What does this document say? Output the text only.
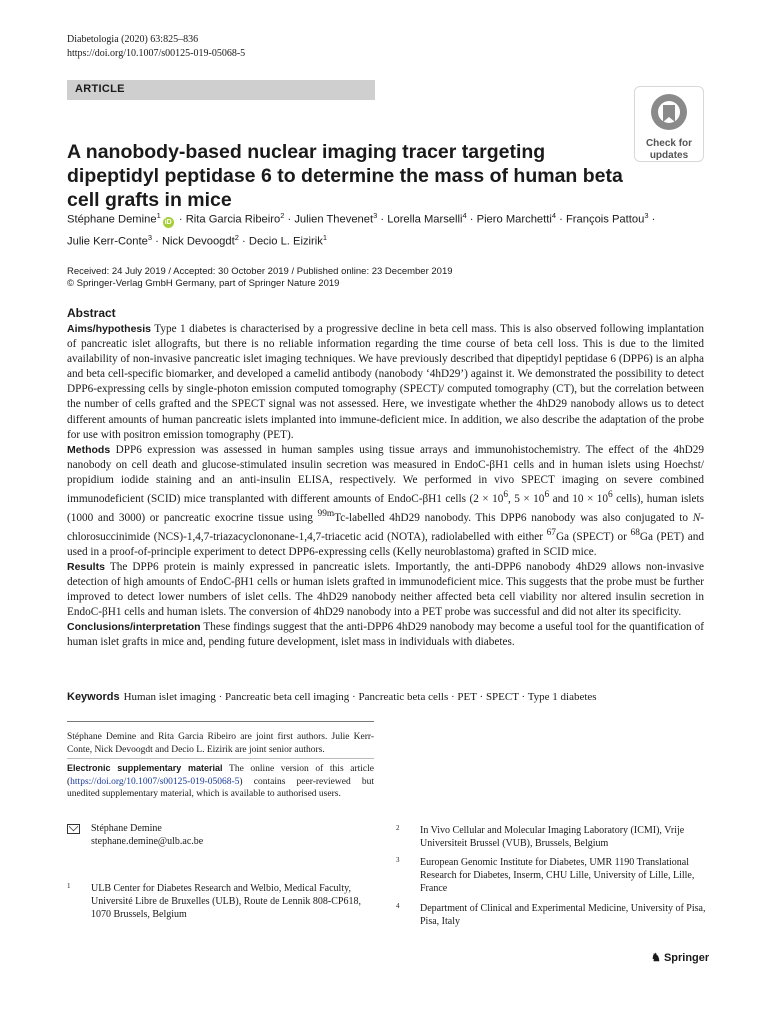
Diabetologia (2020) 63:825–836
https://doi.org/10.1007/s00125-019-05068-5
ARTICLE
Check for
updates
A nanobody-based nuclear imaging tracer targeting dipeptidyl peptidase 6 to determine the mass of human beta cell grafts in mice
Stéphane Demine$^1$iD · Rita Garcia Ribeiro$^2$ · Julien Thevenet$^3$ · Lorella Marselli$^4$ · Piero Marchetti$^4$ · François Pattou$^3$ ·
Julie Kerr-Conte$^3$ · Nick Devoogdt$^2$ · Decio L. Eizirik$^1$
Received: 24 July 2019 / Accepted: 30 October 2019 / Published online: 23 December 2019
© Springer-Verlag GmbH Germany, part of Springer Nature 2019
Abstract

Aims/hypothesis Type 1 diabetes is characterised by a progressive decline in beta cell mass. This is also observed following implantation of pancreatic islet allografts, but there is no reliable information regarding the time course of beta cell loss. This is due to the limited availability of non-invasive pancreatic islet imaging techniques. We have previously described that dipeptidyl peptidase 6 (DPP6) is an alpha and beta cell-specific biomarker, and developed a camelid antibody (nanobody ‘4hD29’) against it. We demonstrated the possibility to detect DPP6-expressing cells by single-photon emission computed tomography (SPECT)/ computed tomography (CT), but the correlation between the number of cells grafted and the SPECT signal was not assessed. Here, we investigate whether the 4hD29 nanobody allows us to detect different amounts of human pancreatic islets implanted into immune-deficient mice. In addition, we also describe the adaptation of the probe for use with positron emission tomography (PET).

Methods DPP6 expression was assessed in human samples using tissue arrays and immunohistochemistry. The effect of the 4hD29 nanobody on cell death and glucose-stimulated insulin secretion was measured in EndoC-βH1 cells and in human islets using Hoechst/ propidium iodide staining and an anti-insulin ELISA, respectively. We performed in vivo SPECT imaging on severe combined immunodeficient (SCID) mice transplanted with different amounts of EndoC-βH1 cells ($2 \times 10^6$, $5 \times 10^6$ and $10 \times 10^6$ cells), human islets (1000 and 3000) or pancreatic exocrine tissue using $^{99m}$Tc-labelled 4hD29 nanobody. This DPP6 nanobody was also conjugated to N-chlorosuccinimide (NCS)-1,4,7-triazacyclononane-1,4,7-triacetic acid (NOTA), radiolabelled with either $^{67}$Ga (SPECT) or $^{68}$Ga (PET) and used in a proof-of-principle experiment to detect DPP6-expressing cells (Kelly neuroblastoma) grafted in SCID mice.

Results The DPP6 protein is mainly expressed in pancreatic islets. Importantly, the anti-DPP6 nanobody 4hD29 allows non-invasive detection of high amounts of EndoC-βH1 cells or human islets grafted in immunodeficient mice. This suggests that the probe must be further improved to detect lower numbers of islet cells. The 4hD29 nanobody neither affected beta cell viability nor altered insulin secretion in EndoC-βH1 cells and human islets. The conversion of 4hD29 nanobody into a PET probe was successful and did not alter its specificity.

Conclusions/interpretation These findings suggest that the anti-DPP6 4hD29 nanobody may become a useful tool for the quantification of human islet grafts in mice and, pending future development, islet mass in individuals with diabetes.

Keywords Human islet imaging · Pancreatic beta cell imaging · Pancreatic beta cells · PET · SPECT · Type 1 diabetes
Stéphane Demine and Rita Garcia Ribeiro are joint first authors. Julie Kerr-Conte, Nick Devoogdt and Decio L. Eizirik are joint senior authors.
Electronic supplementary material The online version of this article (https://doi.org/10.1007/s00125-019-05068-5) contains peer-reviewed but unedited supplementary material, which is available to authorised users.
Stéphane Demine
stephane.demine@ulb.ac.be
1 ULB Center for Diabetes Research and Welbio, Medical Faculty, Université Libre de Bruxelles (ULB), Route de Lennik 808-CP618, 1070 Brussels, Belgium
2 In Vivo Cellular and Molecular Imaging Laboratory (ICMI), Vrije Universiteit Brussel (VUB), Brussels, Belgium
3 European Genomic Institute for Diabetes, UMR 1190 Translational Research for Diabetes, Inserm, CHU Lille, University of Lille, Lille, France
4 Department of Clinical and Experimental Medicine, University of Pisa, Pisa, Italy
♞ Springer
